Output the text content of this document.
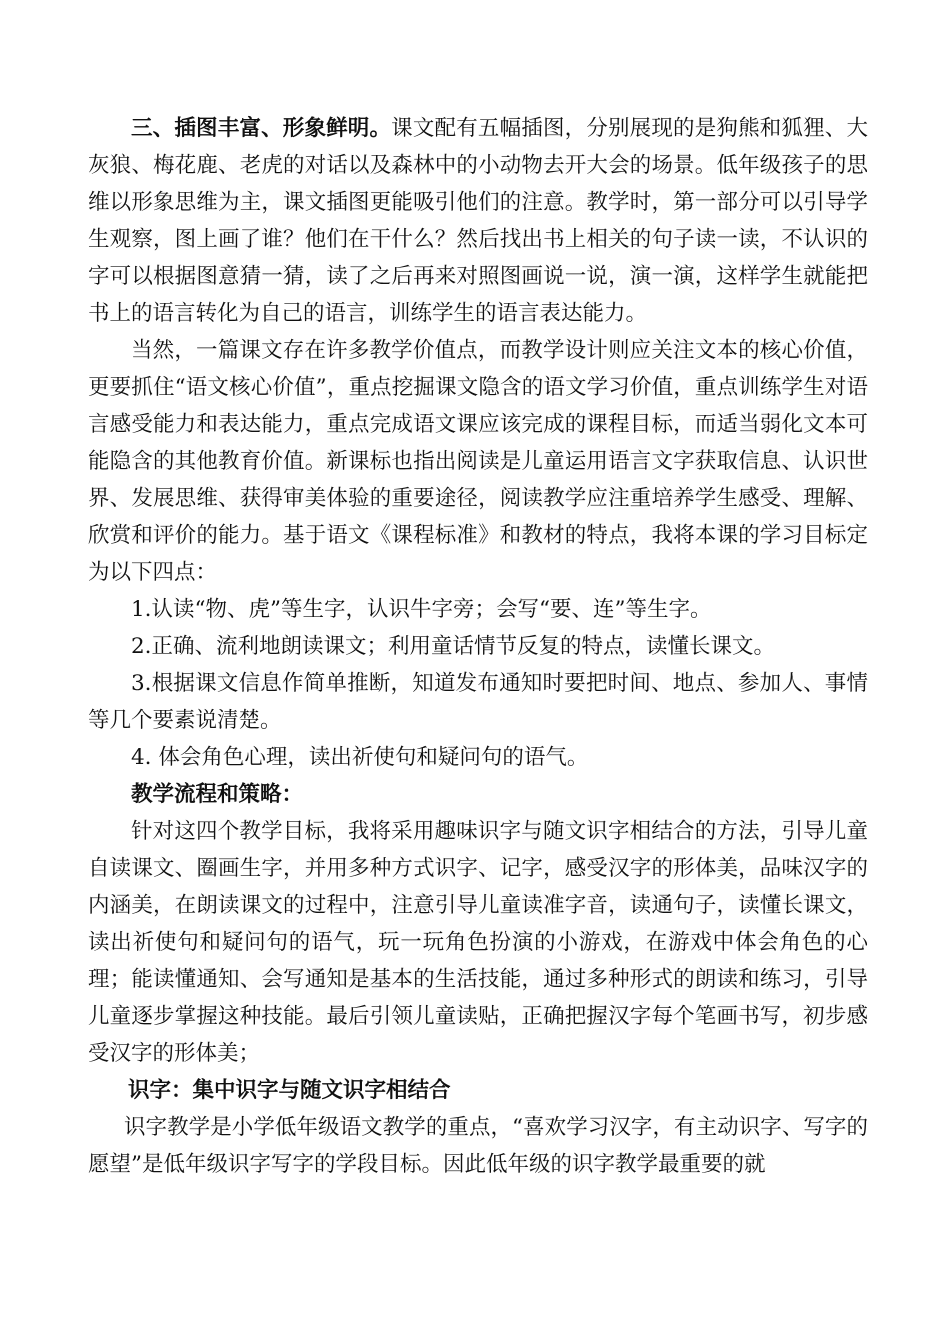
三、插图丰富、形象鲜明。课文配有五幅插图，分别展现的是狗熊和狐狸、大灰狼、梅花鹿、老虎的对话以及森林中的小动物去开大会的场景。低年级孩子的思维以形象思维为主，课文插图更能吸引他们的注意。教学时，第一部分可以引导学生观察，图上画了谁？他们在干什么？然后找出书上相关的句子读一读，不认识的字可以根据图意猜一猜，读了之后再来对照图画说一说，演一演，这样学生就能把书上的语言转化为自己的语言，训练学生的语言表达能力。

当然，一篇课文存在许多教学价值点，而教学设计则应关注文本的核心价值，更要抓住“语文核心价值”，重点挖掘课文隐含的语文学习价值，重点训练学生对语言感受能力和表达能力，重点完成语文课应该完成的课程目标，而适当弱化文本可能隐含的其他教育价值。新课标也指出阅读是儿童运用语言文字获取信息、认识世界、发展思维、获得审美体验的重要途径，阅读教学应注重培养学生感受、理解、欣赏和评价的能力。基于语文《课程标准》和教材的特点，我将本课的学习目标定为以下四点：

1.认读“物、虎”等生字，认识牛字旁；会写“要、连”等生字。

2.正确、流利地朗读课文；利用童话情节反复的特点，读懂长课文。

3.根据课文信息作简单推断，知道发布通知时要把时间、地点、参加人、事情等几个要素说清楚。

4. 体会角色心理，读出祈使句和疑问句的语气。

教学流程和策略：

针对这四个教学目标，我将采用趣味识字与随文识字相结合的方法，引导儿童自读课文、圈画生字，并用多种方式识字、记字，感受汉字的形体美，品味汉字的内涵美，在朗读课文的过程中，注意引导儿童读准字音，读通句子，读懂长课文，读出祈使句和疑问句的语气，玩一玩角色扮演的小游戏，在游戏中体会角色的心理；能读懂通知、会写通知是基本的生活技能，通过多种形式的朗读和练习，引导儿童逐步掌握这种技能。最后引领儿童读贴，正确把握汉字每个笔画书写，初步感受汉字的形体美；

识字：集中识字与随文识字相结合

识字教学是小学低年级语文教学的重点，“喜欢学习汉字，有主动识字、写字的愿望”是低年级识字写字的学段目标。因此低年级的识字教学最重要的就
